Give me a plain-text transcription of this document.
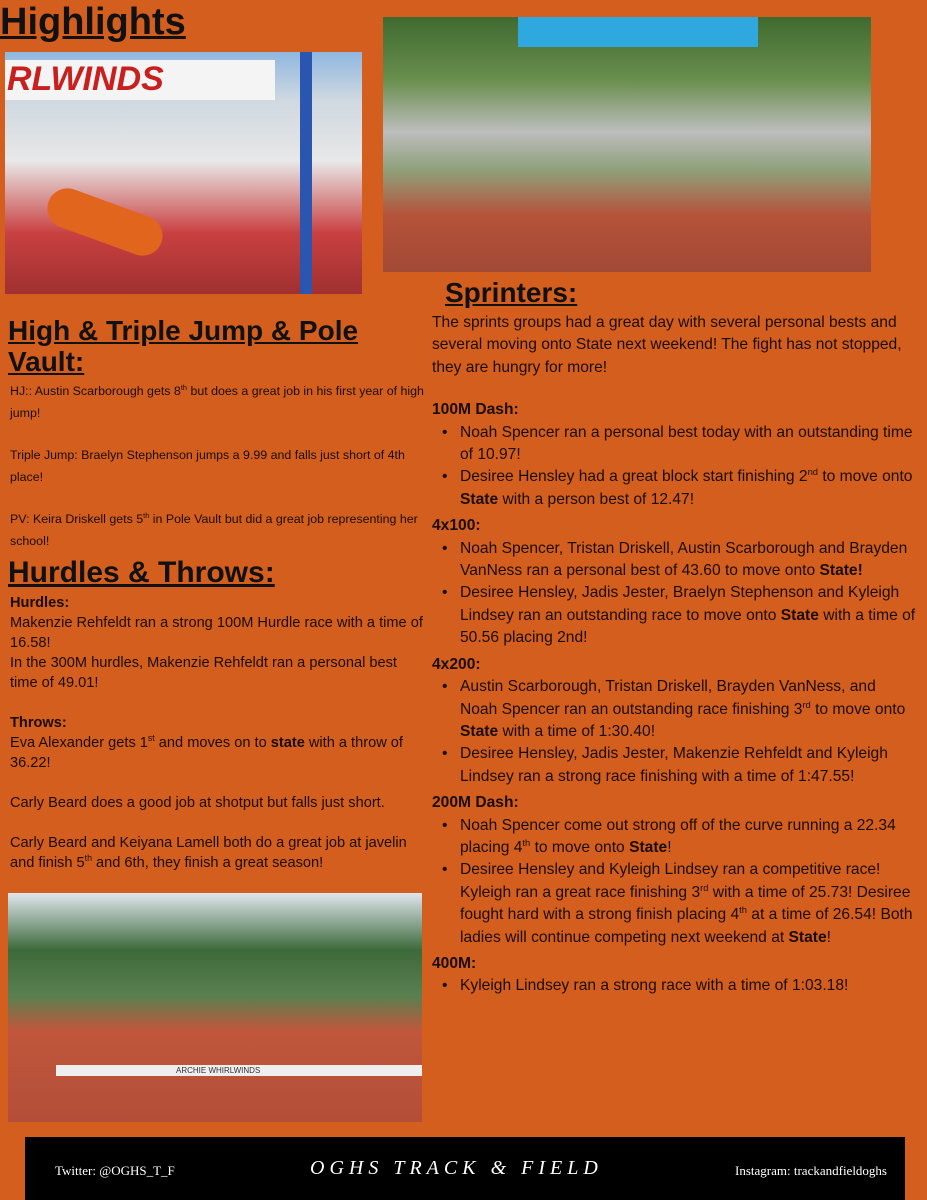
Highlights
RLWINDS
High & Triple Jump & Pole Vault:

HJ:: Austin Scarborough gets 8th but does a great job in his first year of high jump!

Triple Jump: Braelyn Stephenson jumps a 9.99 and falls just short of 4th place!

PV: Keira Driskell gets 5th in Pole Vault but did a great job representing her school!

Hurdles & Throws:

Hurdles:

Makenzie Rehfeldt ran a strong 100M Hurdle race with a time of 16.58!

In the 300M hurdles, Makenzie Rehfeldt ran a personal best time of 49.01!

Throws:

Eva Alexander gets 1st and moves on to state with a throw of 36.22!

Carly Beard does a good job at shotput but falls just short.

Carly Beard and Keiyana Lamell both do a great job at javelin and finish 5th and 6th, they finish a great season!

ARCHIE WHIRLWINDS
Sprinters:

The sprints groups had a great day with several personal bests and several moving onto State next weekend! The fight has not stopped, they are hungry for more!

100M Dash:

• Noah Spencer ran a personal best today with an outstanding time of 10.97!
• Desiree Hensley had a great block start finishing 2nd to move onto State with a person best of 12.47!

4x100:

• Noah Spencer, Tristan Driskell, Austin Scarborough and Brayden VanNess ran a personal best of 43.60 to move onto State!
• Desiree Hensley, Jadis Jester, Braelyn Stephenson and Kyleigh Lindsey ran an outstanding race to move onto State with a time of 50.56 placing 2nd!

4x200:

• Austin Scarborough, Tristan Driskell, Brayden VanNess, and Noah Spencer ran an outstanding race finishing 3rd to move onto State with a time of 1:30.40!
• Desiree Hensley, Jadis Jester, Makenzie Rehfeldt and Kyleigh Lindsey ran a strong race finishing with a time of 1:47.55!

200M Dash:

• Noah Spencer come out strong off of the curve running a 22.34 placing 4th to move onto State!
• Desiree Hensley and Kyleigh Lindsey ran a competitive race! Kyleigh ran a great race finishing 3rd with a time of 25.73! Desiree fought hard with a strong finish placing 4th at a time of 26.54! Both ladies will continue competing next weekend at State!

400M:

• Kyleigh Lindsey ran a strong race with a time of 1:03.18!
Twitter: @OGHS_T_F	OGHS TRACK & FIELD	Instagram: trackandfieldoghs
